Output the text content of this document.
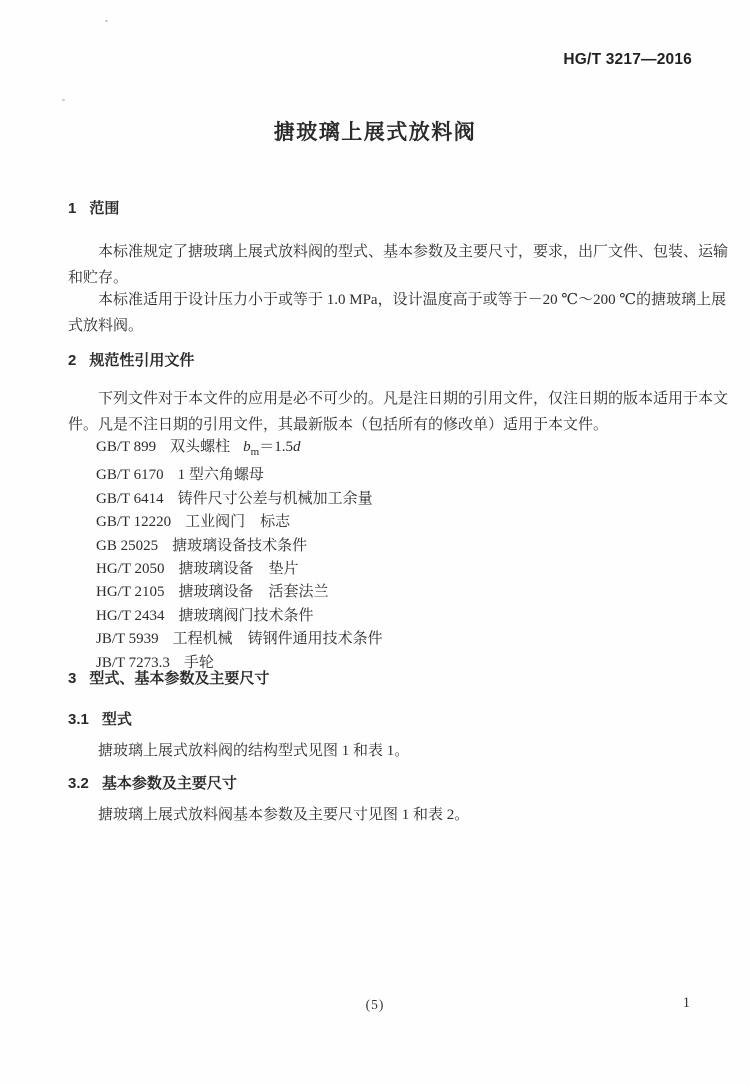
HG/T 3217—2016
搪玻璃上展式放料阀
1 范围
本标准规定了搪玻璃上展式放料阀的型式、基本参数及主要尺寸，要求，出厂文件、包装、运输
和贮存。
本标准适用于设计压力小于或等于 1.0 MPa，设计温度高于或等于－20 ℃～200 ℃的搪玻璃上展
式放料阀。
2 规范性引用文件
下列文件对于本文件的应用是必不可少的。凡是注日期的引用文件，仅注日期的版本适用于本文
件。凡是不注日期的引用文件，其最新版本（包括所有的修改单）适用于本文件。
GB/T 899 双头螺柱 $b_m=1.5d$
GB/T 6170 1 型六角螺母
GB/T 6414 铸件尺寸公差与机械加工余量
GB/T 12220 工业阀门　标志
GB 25025 搪玻璃设备技术条件
HG/T 2050 搪玻璃设备　垫片
HG/T 2105 搪玻璃设备　活套法兰
HG/T 2434 搪玻璃阀门技术条件
JB/T 5939 工程机械　铸钢件通用技术条件
JB/T 7273.3 手轮
3 型式、基本参数及主要尺寸
3.1 型式
搪玻璃上展式放料阀的结构型式见图 1 和表 1。
3.2 基本参数及主要尺寸
搪玻璃上展式放料阀基本参数及主要尺寸见图 1 和表 2。
(5)	1
